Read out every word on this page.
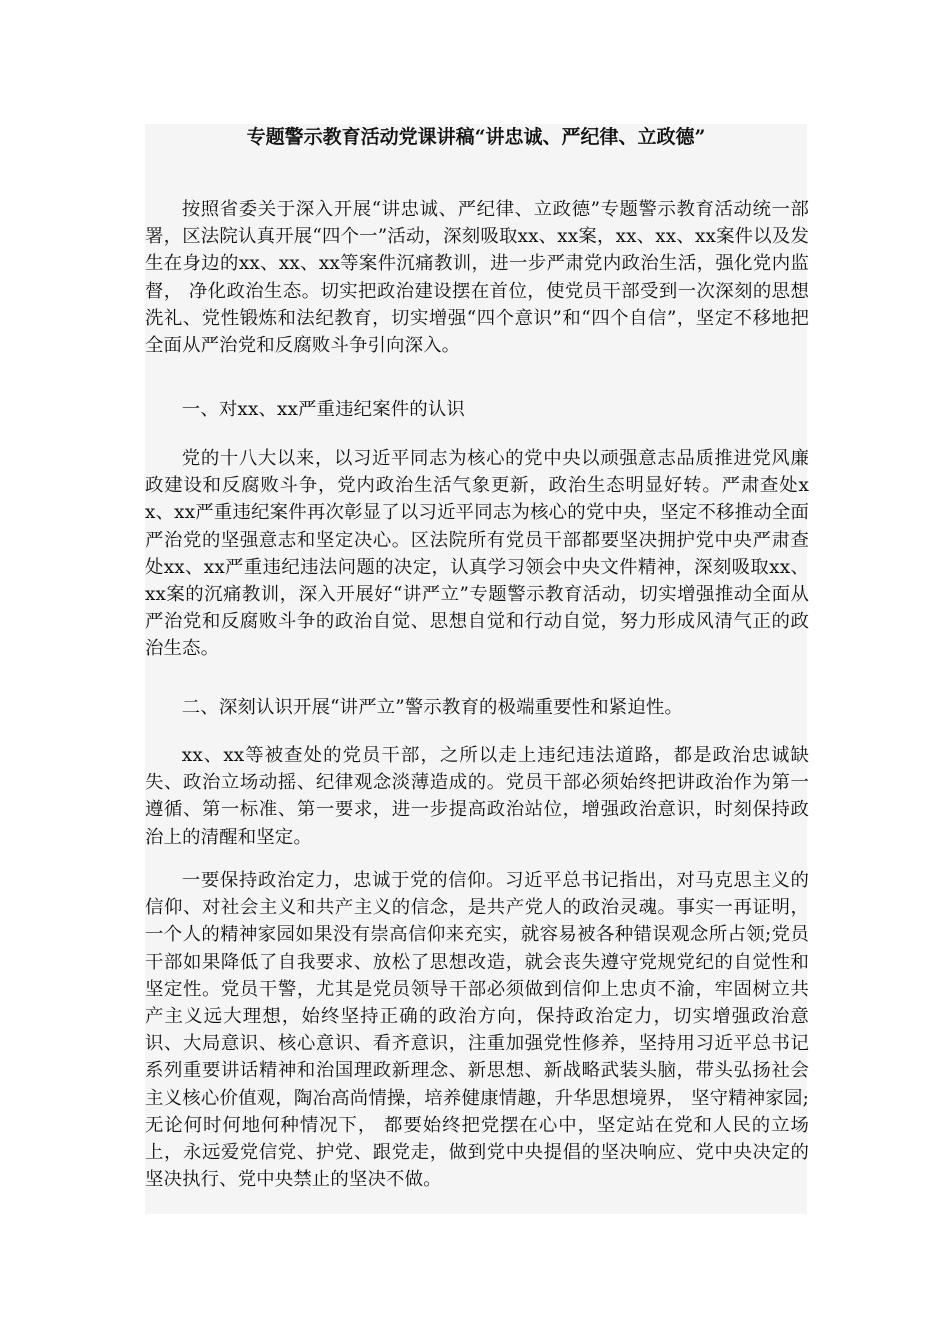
专题警示教育活动党课讲稿“讲忠诚、严纪律、立政德”

按照省委关于深入开展“讲忠诚、严纪律、立政德”专题警示教育活动统一部署，区法院认真开展“四个一”活动，深刻吸取xx、xx案，xx、xx、xx案件以及发生在身边的xx、xx、xx等案件沉痛教训，进一步严肃党内政治生活，强化党内监督， 净化政治生态。切实把政治建设摆在首位，使党员干部受到一次深刻的思想洗礼、党性锻炼和法纪教育，切实增强“四个意识”和“四个自信”，坚定不移地把全面从严治党和反腐败斗争引向深入。

一、对xx、xx严重违纪案件的认识

党的十八大以来，以习近平同志为核心的党中央以顽强意志品质推进党风廉政建设和反腐败斗争，党内政治生活气象更新，政治生态明显好转。严肃查处xx、xx严重违纪案件再次彰显了以习近平同志为核心的党中央，坚定不移推动全面严治党的坚强意志和坚定决心。区法院所有党员干部都要坚决拥护党中央严肃查处xx、xx严重违纪违法问题的决定，认真学习领会中央文件精神，深刻吸取xx、xx案的沉痛教训，深入开展好“讲严立”专题警示教育活动，切实增强推动全面从严治党和反腐败斗争的政治自觉、思想自觉和行动自觉，努力形成风清气正的政治生态。

二、深刻认识开展“讲严立”警示教育的极端重要性和紧迫性。

xx、xx等被查处的党员干部，之所以走上违纪违法道路，都是政治忠诚缺失、政治立场动摇、纪律观念淡薄造成的。党员干部必须始终把讲政治作为第一遵循、第一标准、第一要求，进一步提高政治站位，增强政治意识，时刻保持政治上的清醒和坚定。

一要保持政治定力，忠诚于党的信仰。习近平总书记指出，对马克思主义的信仰、对社会主义和共产主义的信念，是共产党人的政治灵魂。事实一再证明，一个人的精神家园如果没有崇高信仰来充实，就容易被各种错误观念所占领;党员干部如果降低了自我要求、放松了思想改造，就会丧失遵守党规党纪的自觉性和坚定性。党员干警，尤其是党员领导干部必须做到信仰上忠贞不渝，牢固树立共产主义远大理想，始终坚持正确的政治方向，保持政治定力，切实增强政治意识、大局意识、核心意识、看齐意识，注重加强党性修养，坚持用习近平总书记系列重要讲话精神和治国理政新理念、新思想、新战略武装头脑，带头弘扬社会主义核心价值观，陶冶高尚情操，培养健康情趣，升华思想境界， 坚守精神家园;无论何时何地何种情况下， 都要始终把党摆在心中，坚定站在党和人民的立场上，永远爱党信党、护党、跟党走，做到党中央提倡的坚决响应、党中央决定的坚决执行、党中央禁止的坚决不做。
